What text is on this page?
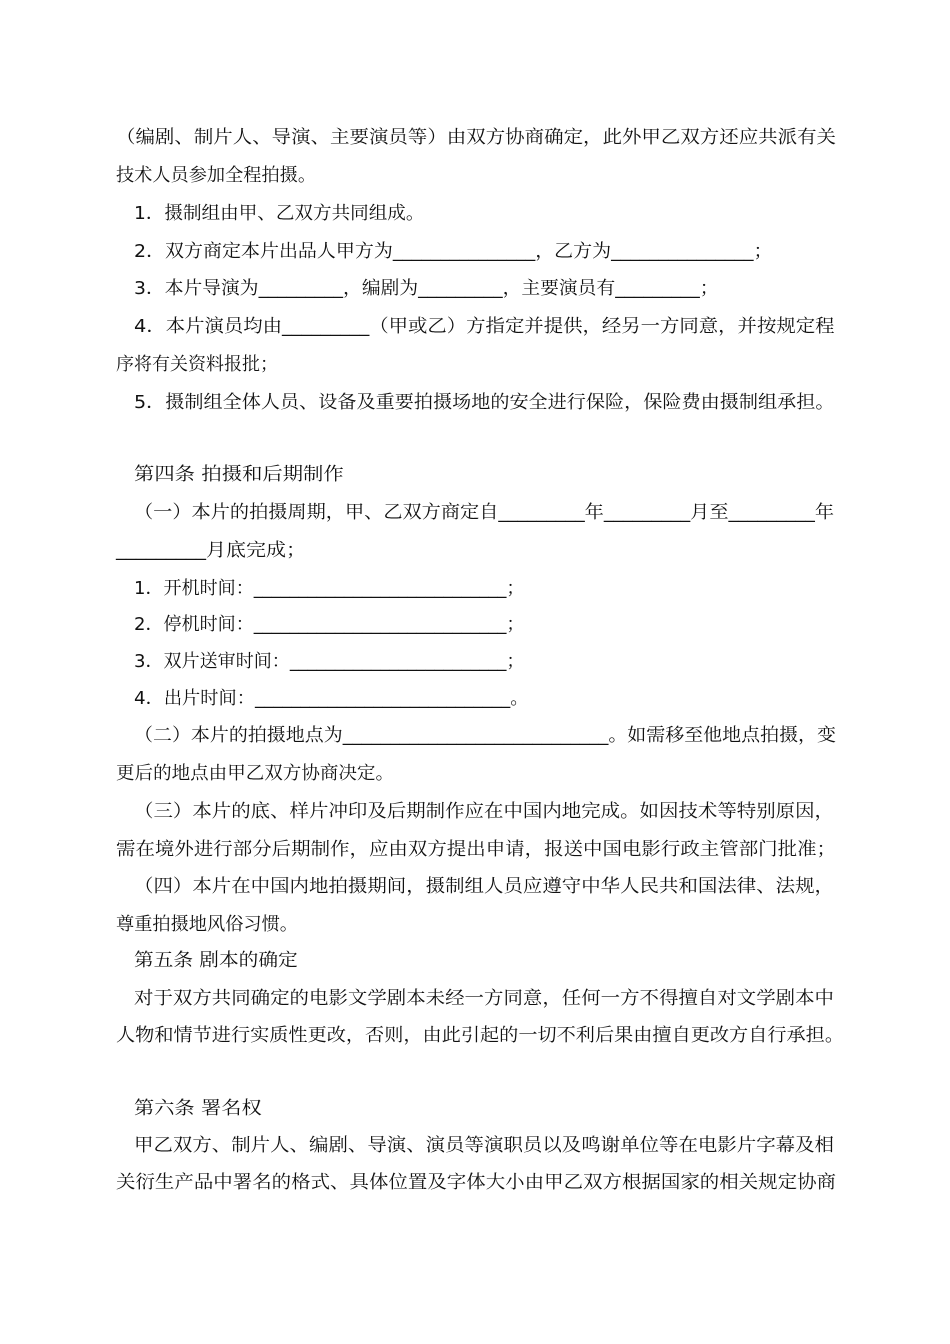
（编剧、制片人、导演、主要演员等）由双方协商确定，此外甲乙双方还应共派有关
技术人员参加全程拍摄。
1．摄制组由甲、乙双方共同组成。
2．双方商定本片出品人甲方为_______________，乙方为_______________；
3．本片导演为_________，编剧为_________，主要演员有_________；
4．本片演员均由_________（甲或乙）方指定并提供，经另一方同意，并按规定程
序将有关资料报批；
5．摄制组全体人员、设备及重要拍摄场地的安全进行保险，保险费由摄制组承担。
第四条 拍摄和后期制作
（一）本片的拍摄周期，甲、乙双方商定自_________年_________月至_________年
_________月底完成；
1．开机时间：____________________________；
2．停机时间：____________________________；
3．双片送审时间：________________________；
4．出片时间：____________________________。
（二）本片的拍摄地点为____________________________。如需移至他地点拍摄，变
更后的地点由甲乙双方协商决定。
（三）本片的底、样片冲印及后期制作应在中国内地完成。如因技术等特别原因，
需在境外进行部分后期制作，应由双方提出申请，报送中国电影行政主管部门批准；
（四）本片在中国内地拍摄期间，摄制组人员应遵守中华人民共和国法律、法规，
尊重拍摄地风俗习惯。
第五条 剧本的确定
对于双方共同确定的电影文学剧本未经一方同意，任何一方不得擅自对文学剧本中
人物和情节进行实质性更改，否则，由此引起的一切不利后果由擅自更改方自行承担。
第六条 署名权
甲乙双方、制片人、编剧、导演、演员等演职员以及鸣谢单位等在电影片字幕及相
关衍生产品中署名的格式、具体位置及字体大小由甲乙双方根据国家的相关规定协商
